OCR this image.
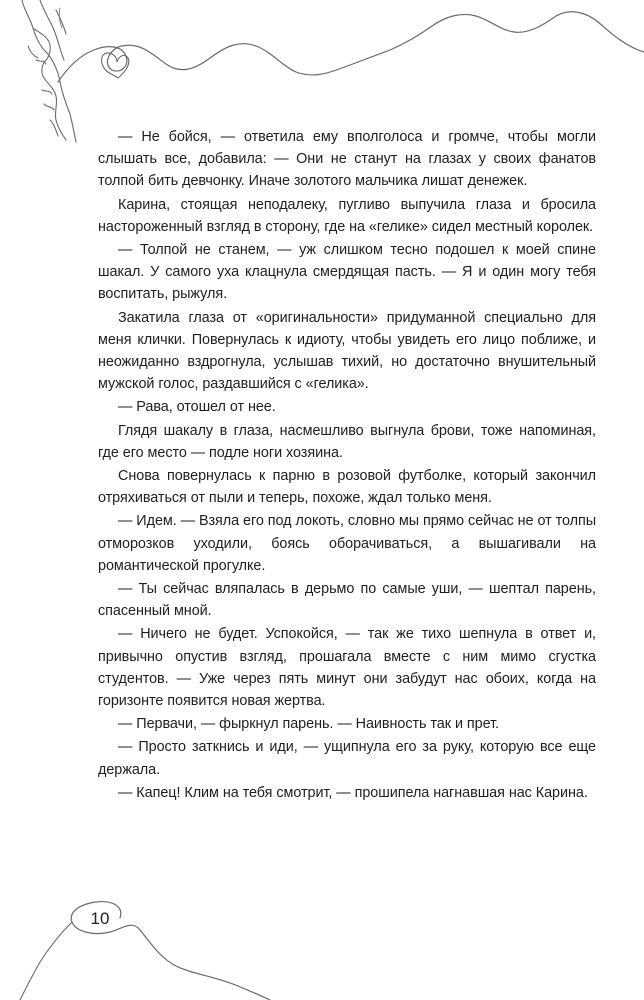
— Не бойся, — ответила ему вполголоса и громче, чтобы могли слышать все, добавила: — Они не станут на глазах у своих фанатов толпой бить девчонку. Иначе золотого мальчика лишат денежек.

Карина, стоящая неподалеку, пугливо выпучила глаза и бросила настороженный взгляд в сторону, где на «гелике» сидел местный королек.

— Толпой не станем, — уж слишком тесно подошел к моей спине шакал. У самого уха клацнула смердящая пасть. — Я и один могу тебя воспитать, рыжуля.

Закатила глаза от «оригинальности» придуманной специально для меня клички. Повернулась к идиоту, чтобы увидеть его лицо поближе, и неожиданно вздрогнула, услышав тихий, но достаточно внушительный мужской голос, раздавшийся с «гелика».

— Рава, отошел от нее.

Глядя шакалу в глаза, насмешливо выгнула брови, тоже напоминая, где его место — подле ноги хозяина.

Снова повернулась к парню в розовой футболке, который закончил отряхиваться от пыли и теперь, похоже, ждал только меня.

— Идем. — Взяла его под локоть, словно мы прямо сейчас не от толпы отморозков уходили, боясь оборачиваться, а вышагивали на романтической прогулке.

— Ты сейчас вляпалась в дерьмо по самые уши, — шептал парень, спасенный мной.

— Ничего не будет. Успокойся, — так же тихо шепнула в ответ и, привычно опустив взгляд, прошагала вместе с ним мимо сгустка студентов. — Уже через пять минут они забудут нас обоих, когда на горизонте появится новая жертва.

— Первачи, — фыркнул парень. — Наивность так и прет.

— Просто заткнись и иди, — ущипнула его за руку, которую все еще держала.

— Капец! Клим на тебя смотрит, — прошипела нагнавшая нас Карина.

10
